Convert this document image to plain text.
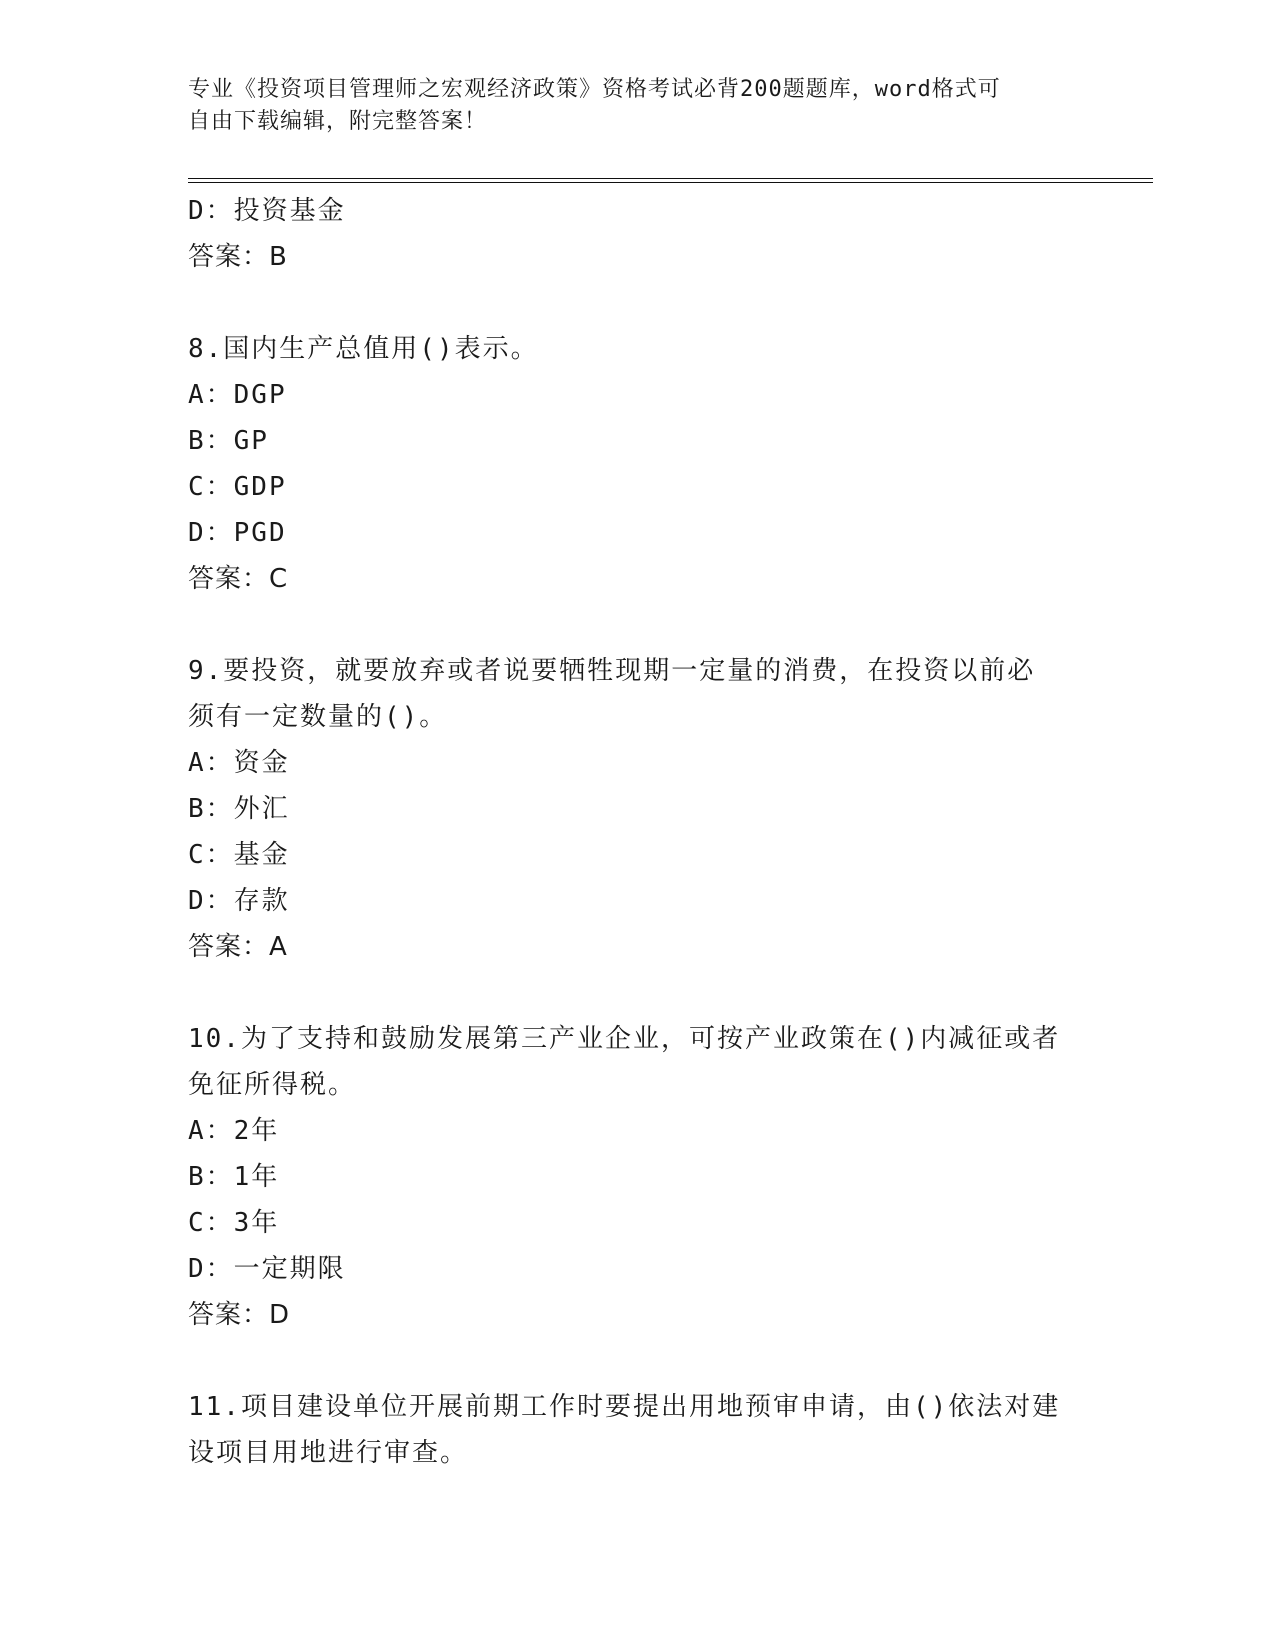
专业《投资项目管理师之宏观经济政策》资格考试必背200题题库，word格式可
自由下载编辑，附完整答案！
D：投资基金
答案：B
8.国内生产总值用()表示。
A：DGP
B：GP
C：GDP
D：PGD
答案：C
9.要投资，就要放弃或者说要牺牲现期一定量的消费，在投资以前必
须有一定数量的()。
A：资金
B：外汇
C：基金
D：存款
答案：A
10.为了支持和鼓励发展第三产业企业，可按产业政策在()内减征或者
免征所得税。
A：2年
B：1年
C：3年
D：一定期限
答案：D
11.项目建设单位开展前期工作时要提出用地预审申请，由()依法对建
设项目用地进行审查。
